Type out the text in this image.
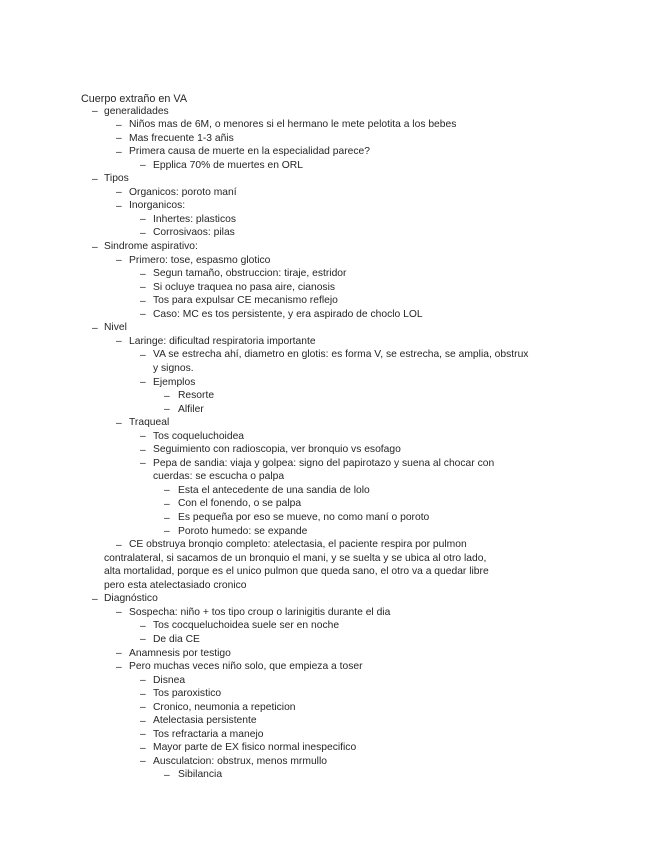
Cuerpo extraño en VA
– generalidades
– Niños mas de 6M, o menores si el hermano le mete pelotita a los bebes
– Mas frecuente 1-3 añis
– Primera causa de muerte en la especialidad parece?
– Epplica 70% de muertes en ORL
– Tipos
– Organicos: poroto maní
– Inorganicos:
– Inhertes: plasticos
– Corrosivaos: pilas
– Sindrome aspirativo:
– Primero: tose, espasmo glotico
– Segun tamaño, obstruccion: tiraje, estridor
– Si ocluye traquea no pasa aire, cianosis
– Tos para expulsar CE mecanismo reflejo
– Caso: MC es tos persistente, y era aspirado de choclo LOL
– Nivel
– Laringe: dificultad respiratoria importante
– VA se estrecha ahí, diametro en glotis: es forma V, se estrecha, se amplia, obstrux
y signos.
– Ejemplos
– Resorte
– Alfiler
– Traqueal
– Tos coqueluchoidea
– Seguimiento con radioscopia, ver bronquio vs esofago
– Pepa de sandia: viaja y golpea: signo del papirotazo y suena al chocar con
cuerdas: se escucha o palpa
– Esta el antecedente de una sandia de lolo
– Con el fonendo, o se palpa
– Es pequeña por eso se mueve, no como maní o poroto
– Poroto humedo: se expande
– CE obstruya bronqio completo: atelectasia, el paciente respira por pulmon
contralateral, si sacamos de un bronquio el mani, y se suelta y se ubica al otro lado,
alta mortalidad, porque es el unico pulmon que queda sano, el otro va a quedar libre
pero esta atelectasiado cronico
– Diagnóstico
– Sospecha: niño + tos tipo croup o larinigitis durante el dia
– Tos cocqueluchoidea suele ser en noche
– De dia CE
– Anamnesis por testigo
– Pero muchas veces niño solo, que empieza a toser
– Disnea
– Tos paroxistico
– Cronico, neumonia a repeticion
– Atelectasia persistente
– Tos refractaria a manejo
– Mayor parte de EX fisico normal inespecifico
– Ausculatcion: obstrux, menos mrmullo
– Sibilancia
